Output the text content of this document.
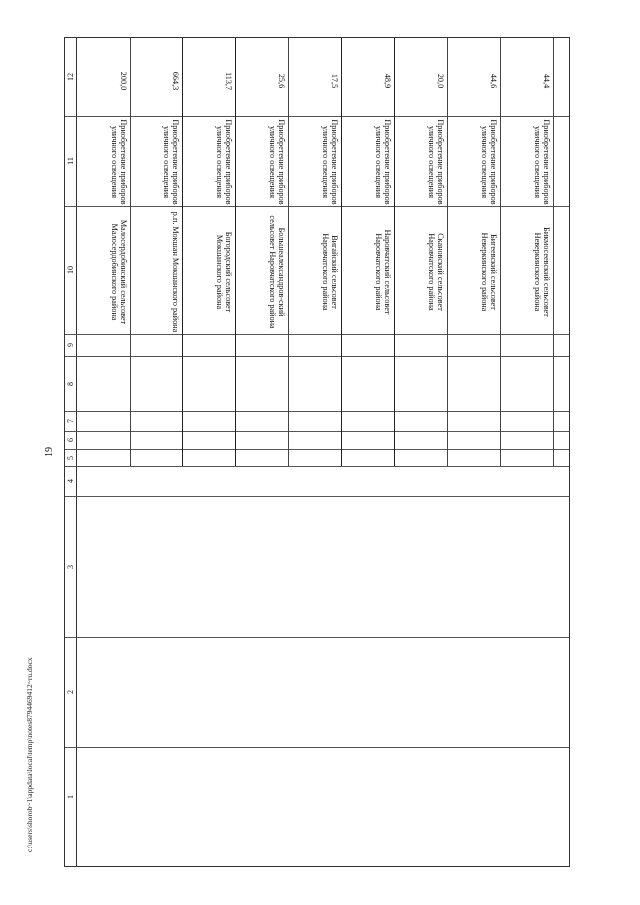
19
c:\users\shorob~1\appdata\local\temp\notes8794469412~ru.docx
12
11
10
9
8
7
6
5
4
3
2
1
200,0
Приобретение приборов уличного освещения
Малосердобинский сельсовет Малосердобинского района
664,3
Приобретение приборов уличного освещения
р.п. Мокшан Мокшанского района
113,7
Приобретение приборов уличного освещения
Богородский сельсовет Мокшанского района
25,6
Приобретение приборов уличного освещения
Большеалександров-ский сельсовет Наровчатского района
17,5
Приобретение приборов уличного освещения
Вигайский сельсовет Наровчатского района
48,9
Приобретение приборов уличного освещения
Наровчатский сельсовет Наровчатского района
20,0
Приобретение приборов уличного освещения
Скановский сельсовет Наровчатского района
44,6
Приобретение приборов уличного освещения
Бигеевский сельсовет Неверкинского района
44,4
Приобретение приборов уличного освещения
Бикмосеевский сельсовет Неверкинского района
